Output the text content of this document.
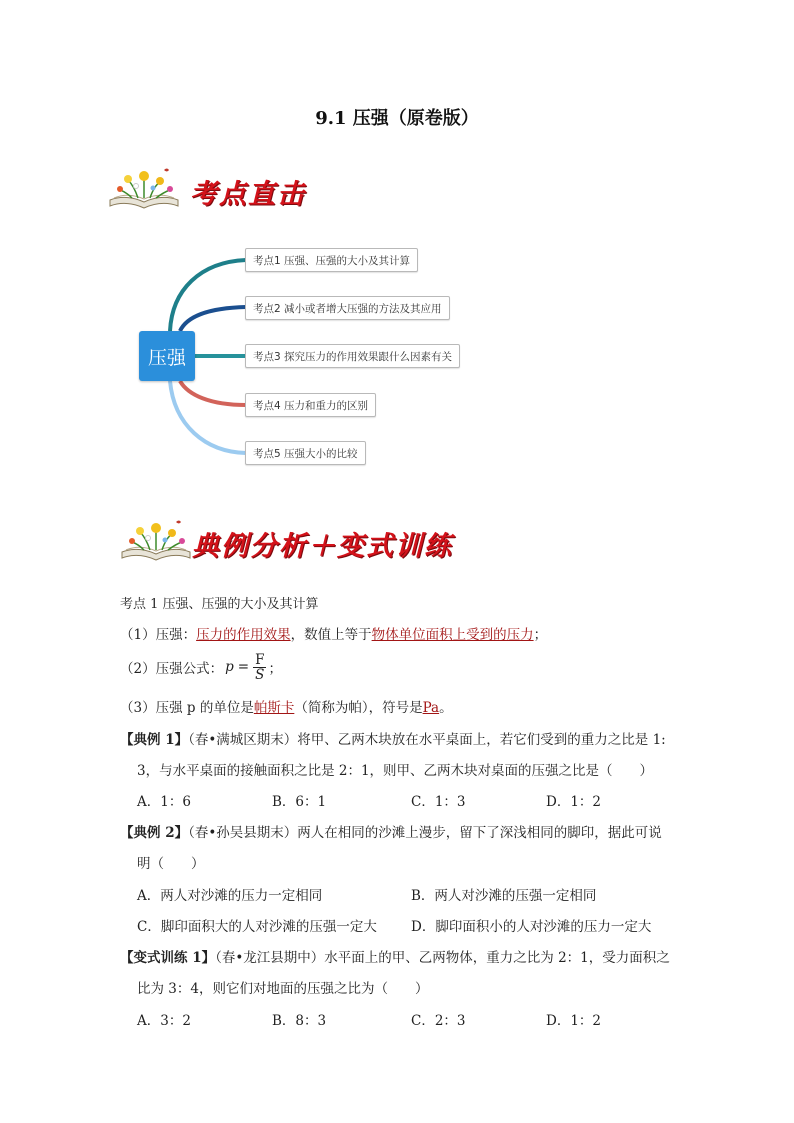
9.1 压强（原卷版）
考点直击
压强
考点1 压强、压强的大小及其计算
考点2 减小或者增大压强的方法及其应用
考点3 探究压力的作用效果跟什么因素有关
考点4 压力和重力的区别
考点5 压强大小的比较
典例分析＋变式训练
考点 1 压强、压强的大小及其计算
（1）压强：压力的作用效果，数值上等于物体单位面积上受到的压力；
（2）压强公式： $p = \frac{F}{S}$ ；
（3）压强 p 的单位是帕斯卡（简称为帕），符号是Pa。
【典例 1】（春•满城区期末）将甲、乙两木块放在水平桌面上，若它们受到的重力之比是 1:
3，与水平桌面的接触面积之比是 2：1，则甲、乙两木块对桌面的压强之比是（　　）
A．1：6	B．6：1	C．1：3	D．1：2
【典例 2】（春•孙吴县期末）两人在相同的沙滩上漫步，留下了深浅相同的脚印，据此可说
明（　　）
A．两人对沙滩的压力一定相同	B．两人对沙滩的压强一定相同
C．脚印面积大的人对沙滩的压强一定大	D．脚印面积小的人对沙滩的压力一定大
【变式训练 1】（春•龙江县期中）水平面上的甲、乙两物体，重力之比为 2：1，受力面积之
比为 3：4，则它们对地面的压强之比为（　　）
A．3：2	B．8：3	C．2：3	D．1：2
